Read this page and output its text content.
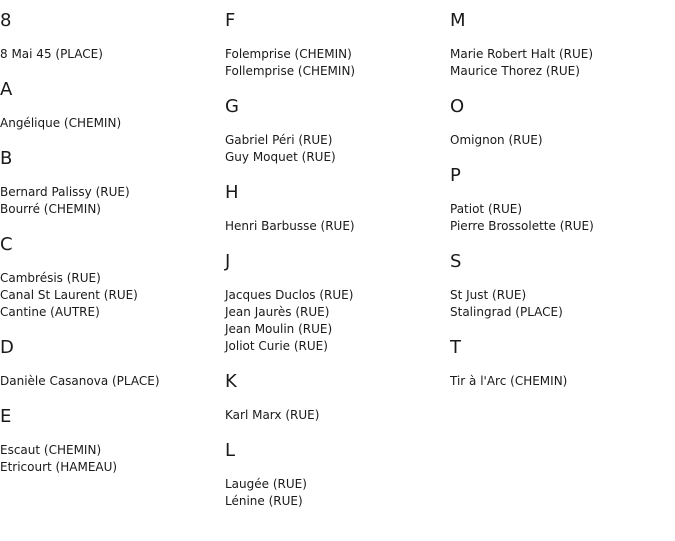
8
8 Mai 45 (PLACE)
A
Angélique (CHEMIN)
B
Bernard Palissy (RUE)
Bourré (CHEMIN)
C
Cambrésis (RUE)
Canal St Laurent (RUE)
Cantine (AUTRE)
D
Danièle Casanova (PLACE)
E
Escaut (CHEMIN)
Etricourt (HAMEAU)
F
Folemprise (CHEMIN)
Follemprise (CHEMIN)
G
Gabriel Péri (RUE)
Guy Moquet (RUE)
H
Henri Barbusse (RUE)
J
Jacques Duclos (RUE)
Jean Jaurès (RUE)
Jean Moulin (RUE)
Joliot Curie (RUE)
K
Karl Marx (RUE)
L
Laugée (RUE)
Lénine (RUE)
M
Marie Robert Halt (RUE)
Maurice Thorez (RUE)
O
Omignon (RUE)
P
Patiot (RUE)
Pierre Brossolette (RUE)
S
St Just (RUE)
Stalingrad (PLACE)
T
Tir à l'Arc (CHEMIN)
